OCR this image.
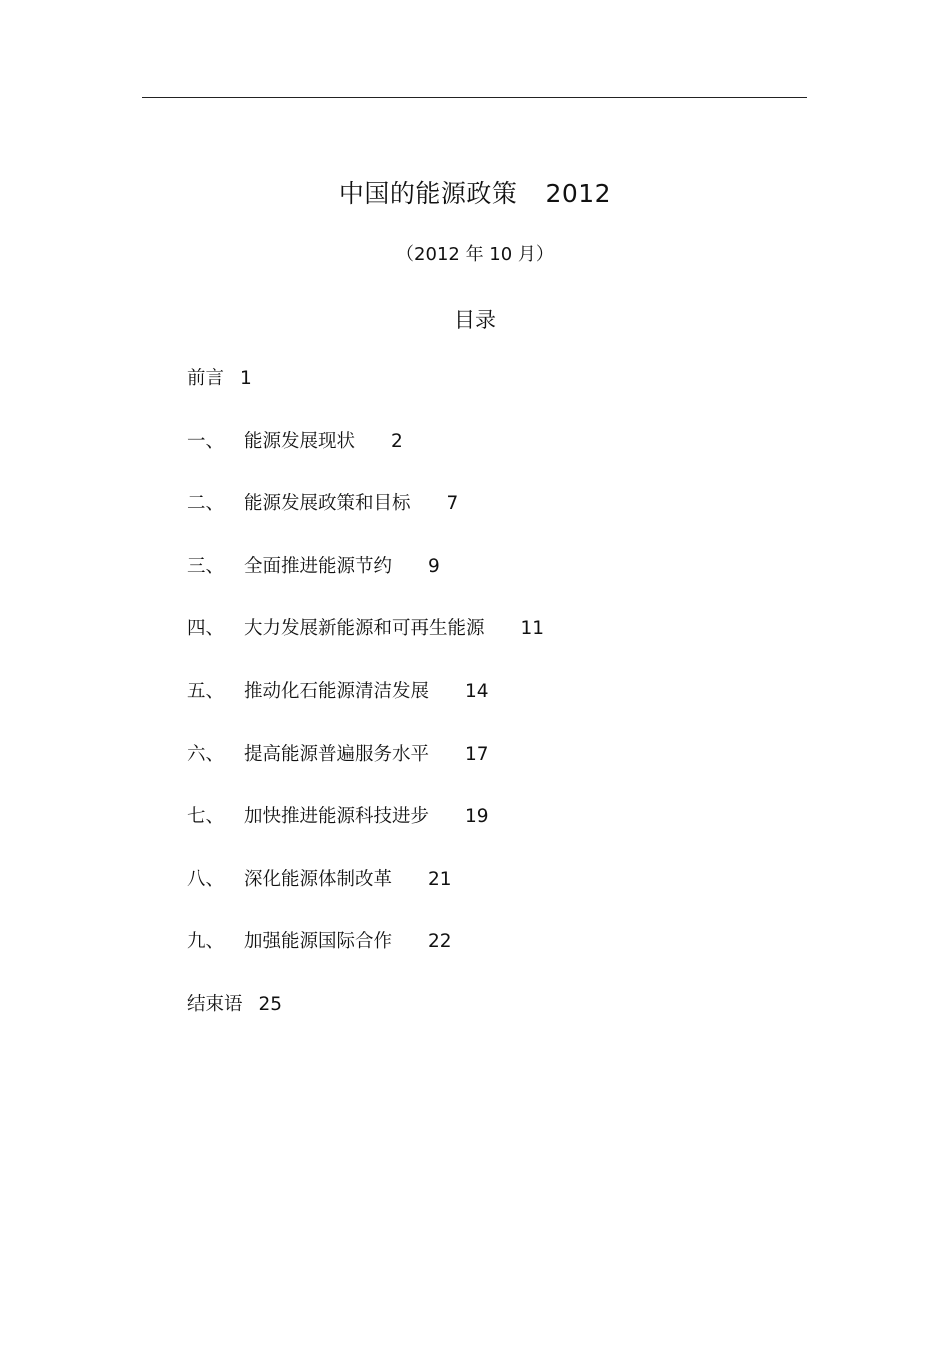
中国的能源政策 2012
（2012 年 10 月）
目录
前言 1
一、 能源发展现状 2
二、 能源发展政策和目标 7
三、 全面推进能源节约 9
四、 大力发展新能源和可再生能源 11
五、 推动化石能源清洁发展 14
六、 提高能源普遍服务水平 17
七、 加快推进能源科技进步 19
八、 深化能源体制改革 21
九、 加强能源国际合作 22
结束语 25
